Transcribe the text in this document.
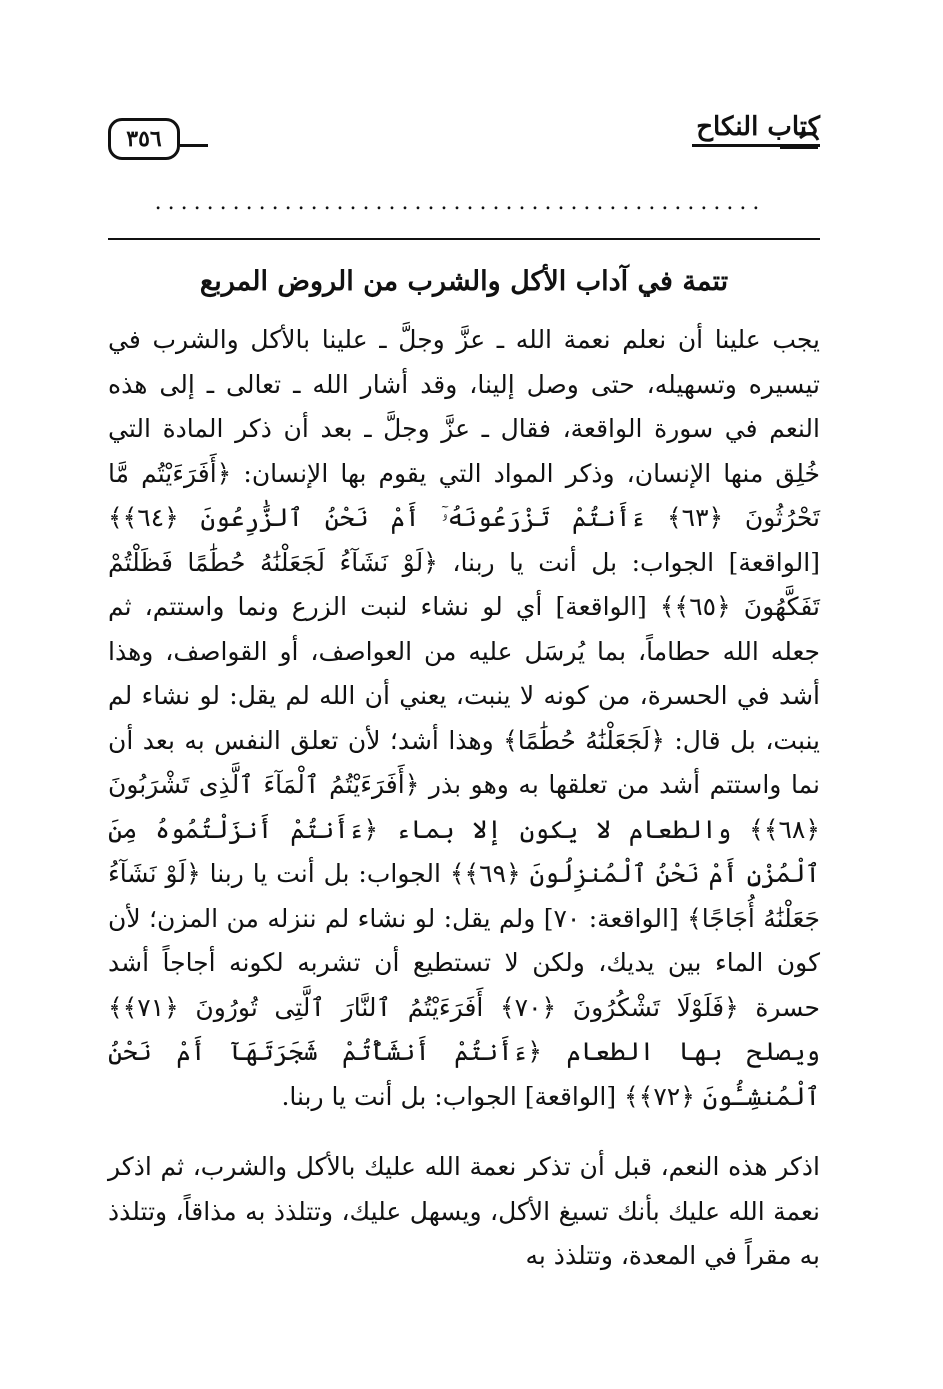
كتاب النكاح
٣٥٦
...............................................
تتمة في آداب الأكل والشرب من الروض المربع

يجب علينا أن نعلم نعمة الله ـ عزَّ وجلَّ ـ علينا بالأكل والشرب في تيسيره وتسهيله، حتى وصل إلينا، وقد أشار الله ـ تعالى ـ إلى هذه النعم في سورة الواقعة، فقال ـ عزَّ وجلَّ ـ بعد أن ذكر المادة التي خُلِق منها الإنسان، وذكر المواد التي يقوم بها الإنسان: ﴿أَفَرَءَيْتُم مَّا تَحْرُثُونَ ﴿٦٣﴾ ءَأَنتُمْ تَزْرَعُونَهُۥٓ أَمْ نَحْنُ ٱلزَّٰرِعُونَ ﴿٦٤﴾﴾ [الواقعة] الجواب: بل أنت يا ربنا، ﴿لَوْ نَشَآءُ لَجَعَلْنَٰهُ حُطَٰمًا فَظَلْتُمْ تَفَكَّهُونَ ﴿٦٥﴾﴾ [الواقعة] أي لو نشاء لنبت الزرع ونما واستتم، ثم جعله الله حطاماً، بما يُرسَل عليه من العواصف، أو القواصف، وهذا أشد في الحسرة، من كونه لا ينبت، يعني أن الله لم يقل: لو نشاء لم ينبت، بل قال: ﴿لَجَعَلْنَٰهُ حُطَٰمًا﴾ وهذا أشد؛ لأن تعلق النفس به بعد أن نما واستتم أشد من تعلقها به وهو بذر ﴿أَفَرَءَيْتُمُ ٱلْمَآءَ ٱلَّذِى تَشْرَبُونَ ﴿٦٨﴾﴾ والطعام لا يكون إلا بماء ﴿ءَأَنتُمْ أَنزَلْتُمُوهُ مِنَ ٱلْمُزْنِ أَمْ نَحْنُ ٱلْمُنزِلُونَ ﴿٦٩﴾﴾ الجواب: بل أنت يا ربنا ﴿لَوْ نَشَآءُ جَعَلْنَٰهُ أُجَاجًا﴾ [الواقعة: ٧٠] ولم يقل: لو نشاء لم ننزله من المزن؛ لأن كون الماء بين يديك، ولكن لا تستطيع أن تشربه لكونه أجاجاً أشد حسرة ﴿فَلَوْلَا تَشْكُرُونَ ﴿٧٠﴾ أَفَرَءَيْتُمُ ٱلنَّارَ ٱلَّتِى تُورُونَ ﴿٧١﴾﴾ ويصلح بها الطعام ﴿ءَأَنتُمْ أَنشَأْتُمْ شَجَرَتَهَآ أَمْ نَحْنُ ٱلْمُنشِـُٔونَ ﴿٧٢﴾﴾ [الواقعة] الجواب: بل أنت يا ربنا.

اذكر هذه النعم، قبل أن تذكر نعمة الله عليك بالأكل والشرب، ثم اذكر نعمة الله عليك بأنك تسيغ الأكل، ويسهل عليك، وتتلذذ به مذاقاً، وتتلذذ به مقراً في المعدة، وتتلذذ به
